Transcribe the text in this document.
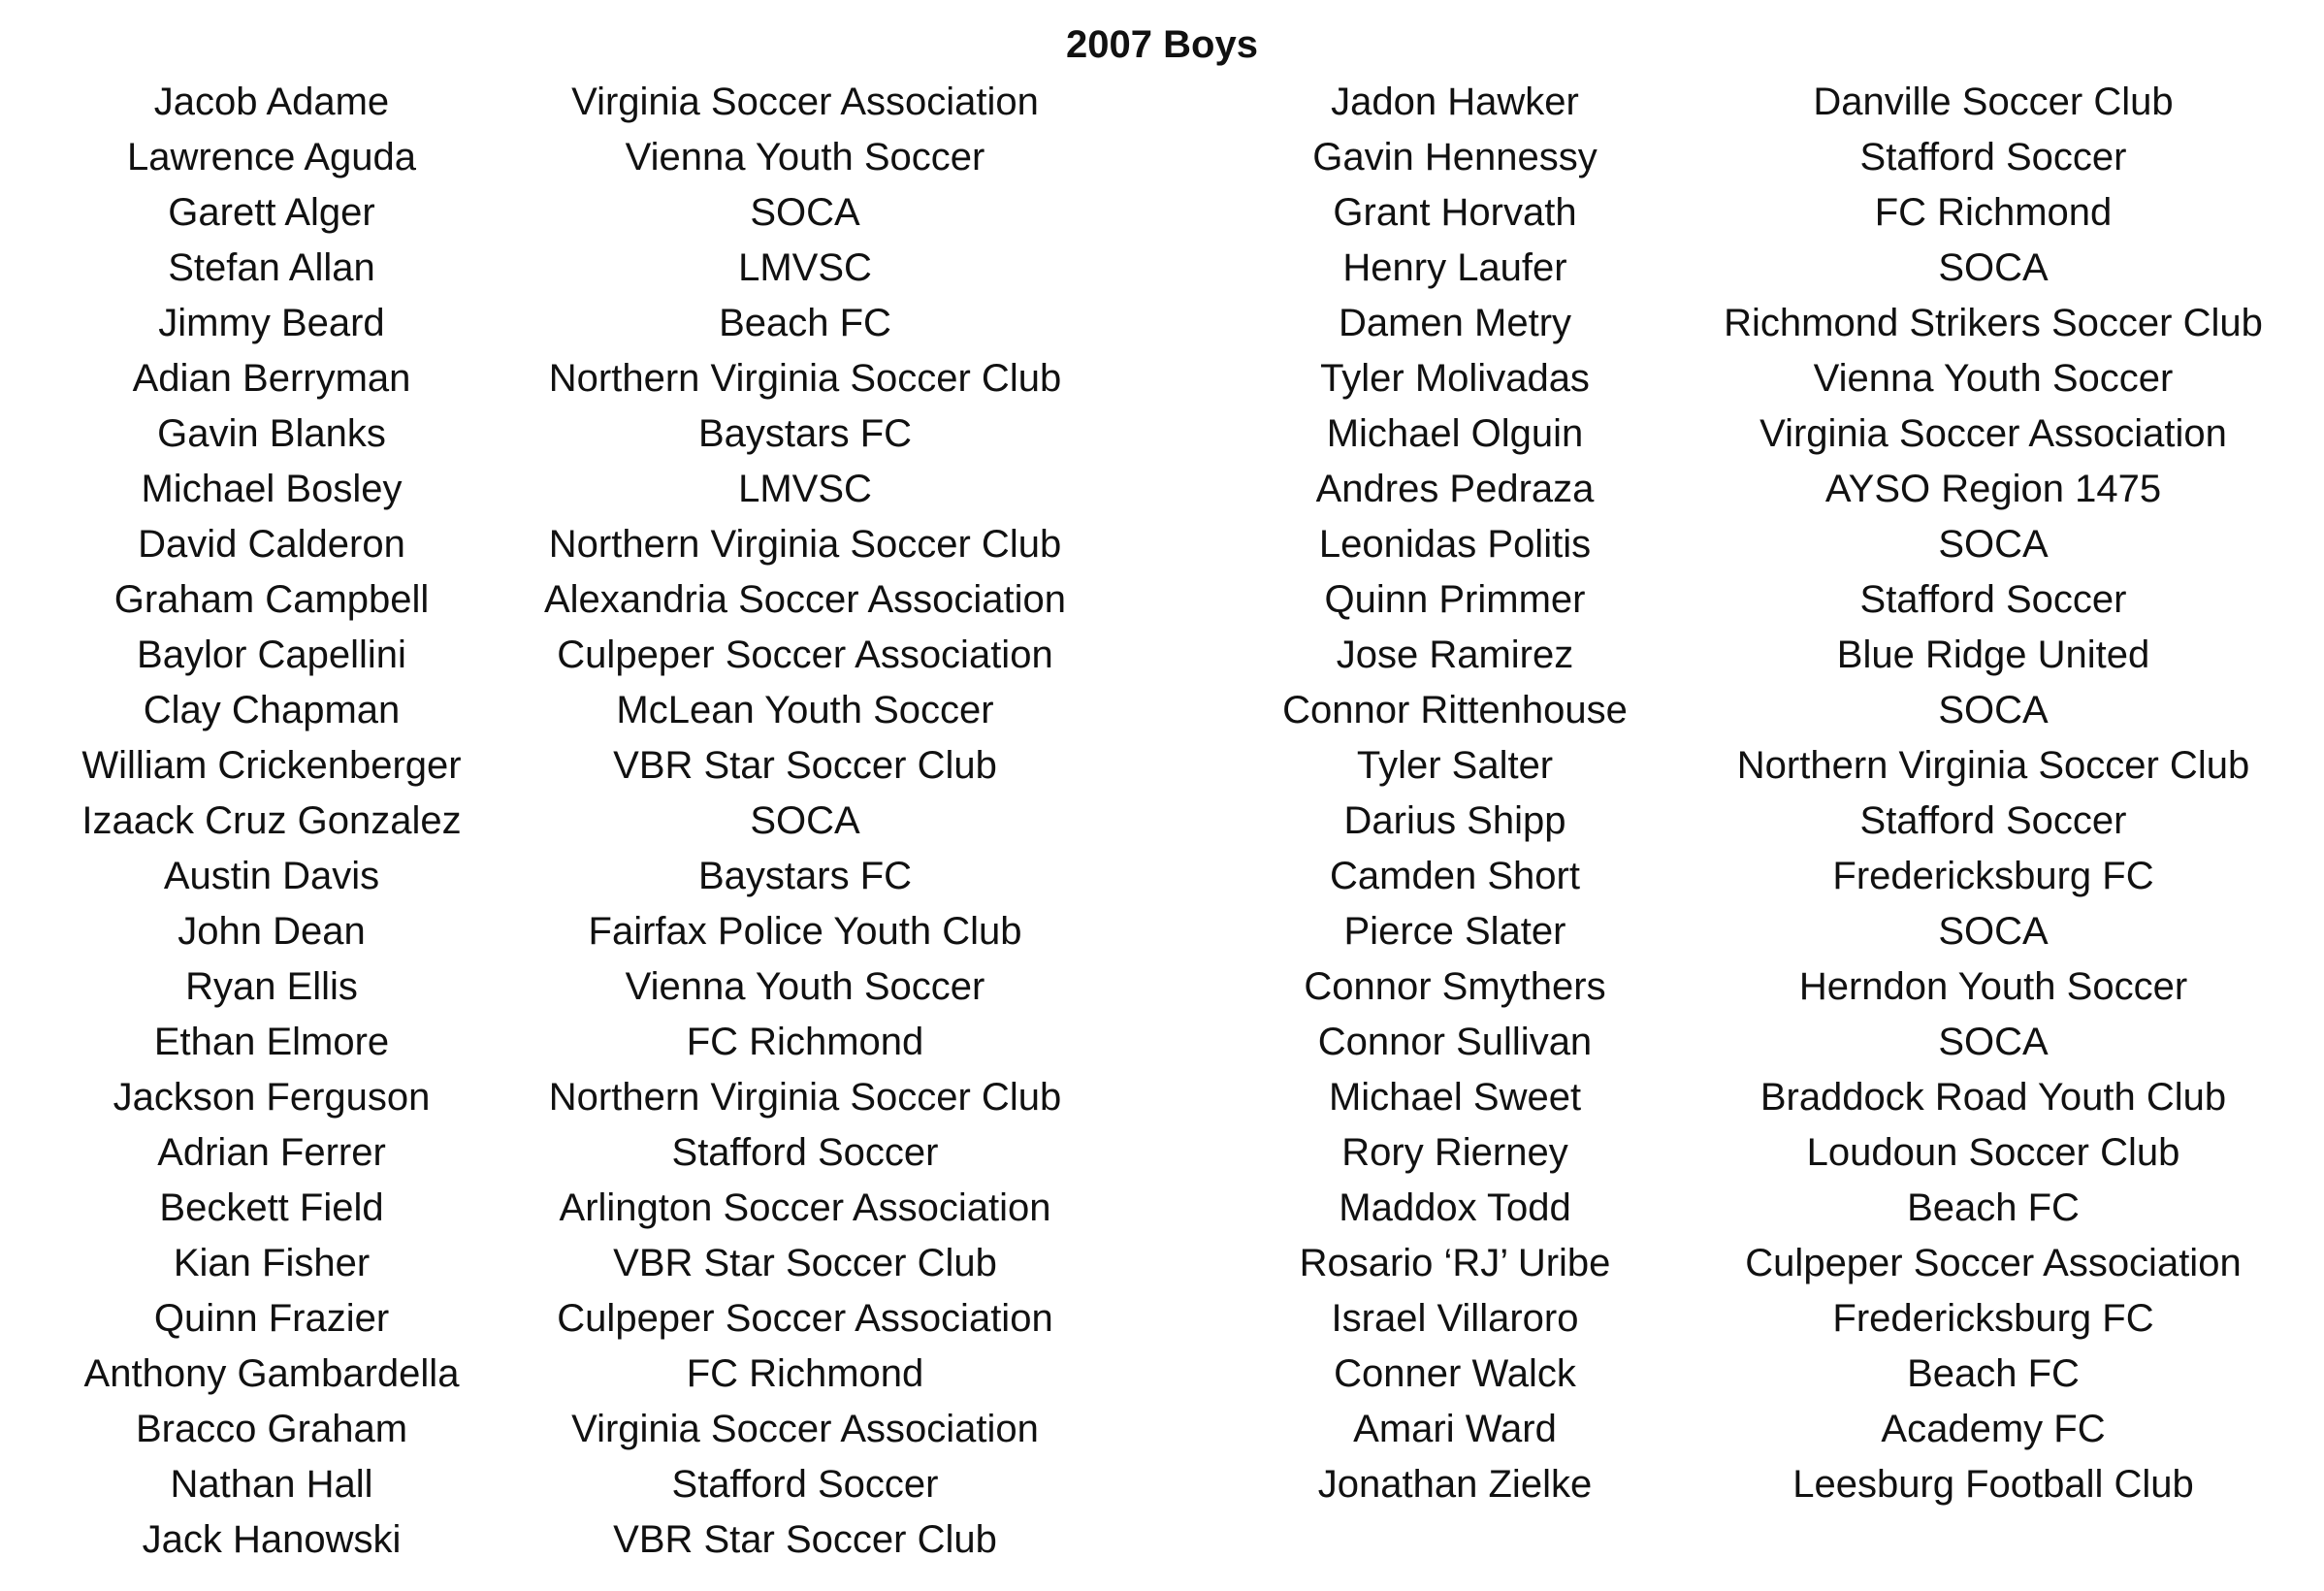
2007 Boys
Jacob Adame
Lawrence Aguda
Garett Alger
Stefan Allan
Jimmy Beard
Adian Berryman
Gavin Blanks
Michael Bosley
David Calderon
Graham Campbell
Baylor Capellini
Clay Chapman
William Crickenberger
Izaack Cruz Gonzalez
Austin Davis
John Dean
Ryan Ellis
Ethan Elmore
Jackson Ferguson
Adrian Ferrer
Beckett Field
Kian Fisher
Quinn Frazier
Anthony Gambardella
Bracco Graham
Nathan Hall
Jack Hanowski
Virginia Soccer Association
Vienna Youth Soccer
SOCA
LMVSC
Beach FC
Northern Virginia Soccer Club
Baystars FC
LMVSC
Northern Virginia Soccer Club
Alexandria Soccer Association
Culpeper Soccer Association
McLean Youth Soccer
VBR Star Soccer Club
SOCA
Baystars FC
Fairfax Police Youth Club
Vienna Youth Soccer
FC Richmond
Northern Virginia Soccer Club
Stafford Soccer
Arlington Soccer Association
VBR Star Soccer Club
Culpeper Soccer Association
FC Richmond
Virginia Soccer Association
Stafford Soccer
VBR Star Soccer Club
Jadon Hawker
Gavin Hennessy
Grant Horvath
Henry Laufer
Damen Metry
Tyler Molivadas
Michael Olguin
Andres Pedraza
Leonidas Politis
Quinn Primmer
Jose Ramirez
Connor Rittenhouse
Tyler Salter
Darius Shipp
Camden Short
Pierce Slater
Connor Smythers
Connor Sullivan
Michael Sweet
Rory Rierney
Maddox Todd
Rosario ‘RJ’ Uribe
Israel Villaroro
Conner Walck
Amari Ward
Jonathan Zielke
Danville Soccer Club
Stafford Soccer
FC Richmond
SOCA
Richmond Strikers Soccer Club
Vienna Youth Soccer
Virginia Soccer Association
AYSO Region 1475
SOCA
Stafford Soccer
Blue Ridge United
SOCA
Northern Virginia Soccer Club
Stafford Soccer
Fredericksburg FC
SOCA
Herndon Youth Soccer
SOCA
Braddock Road Youth Club
Loudoun Soccer Club
Beach FC
Culpeper Soccer Association
Fredericksburg FC
Beach FC
Academy FC
Leesburg Football Club
